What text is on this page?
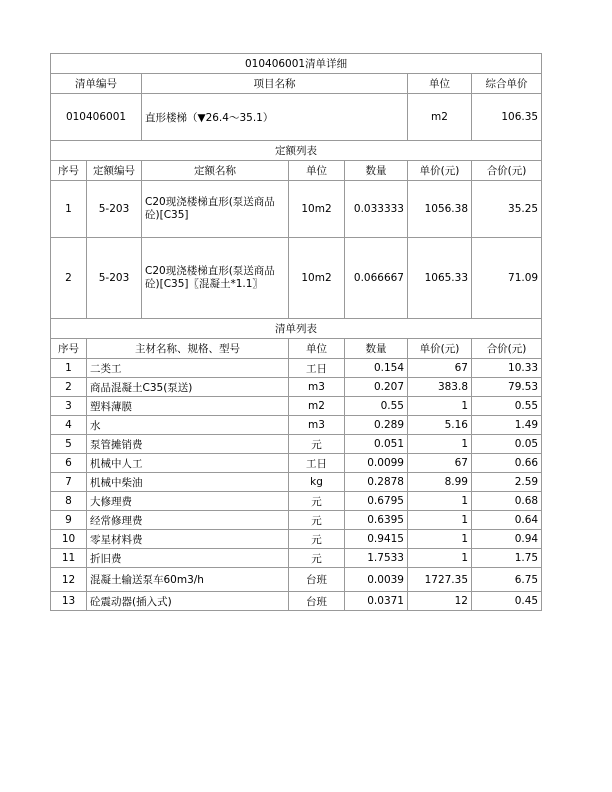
010406001清单详细						
清单编号		项目名称			单位	综合单价
010406001		直形楼梯（▼26.4～35.1）			m2	106.35
定额列表						
序号	定额编号	定额名称	单位	数量	单价(元)	合价(元)
1	5-203	C20现浇楼梯直形(泵送商品砼)[C35]	10m2	0.033333	1056.38	35.25
2	5-203	C20现浇楼梯直形(泵送商品砼)[C35]〖混凝土*1.1〗	10m2	0.066667	1065.33	71.09
清单列表						
序号	主材名称、规格、型号		单位	数量	单价(元)	合价(元)
1	二类工		工日	0.154	67	10.33
2	商品混凝土C35(泵送)		m3	0.207	383.8	79.53
3	塑料薄膜		m2	0.55	1	0.55
4	水		m3	0.289	5.16	1.49
5	泵管摊销费		元	0.051	1	0.05
6	机械中人工		工日	0.0099	67	0.66
7	机械中柴油		kg	0.2878	8.99	2.59
8	大修理费		元	0.6795	1	0.68
9	经常修理费		元	0.6395	1	0.64
10	零星材料费		元	0.9415	1	0.94
11	折旧费		元	1.7533	1	1.75
12	混凝土输送泵车60m3/h		台班	0.0039	1727.35	6.75
13	砼震动器(插入式)		台班	0.0371	12	0.45
